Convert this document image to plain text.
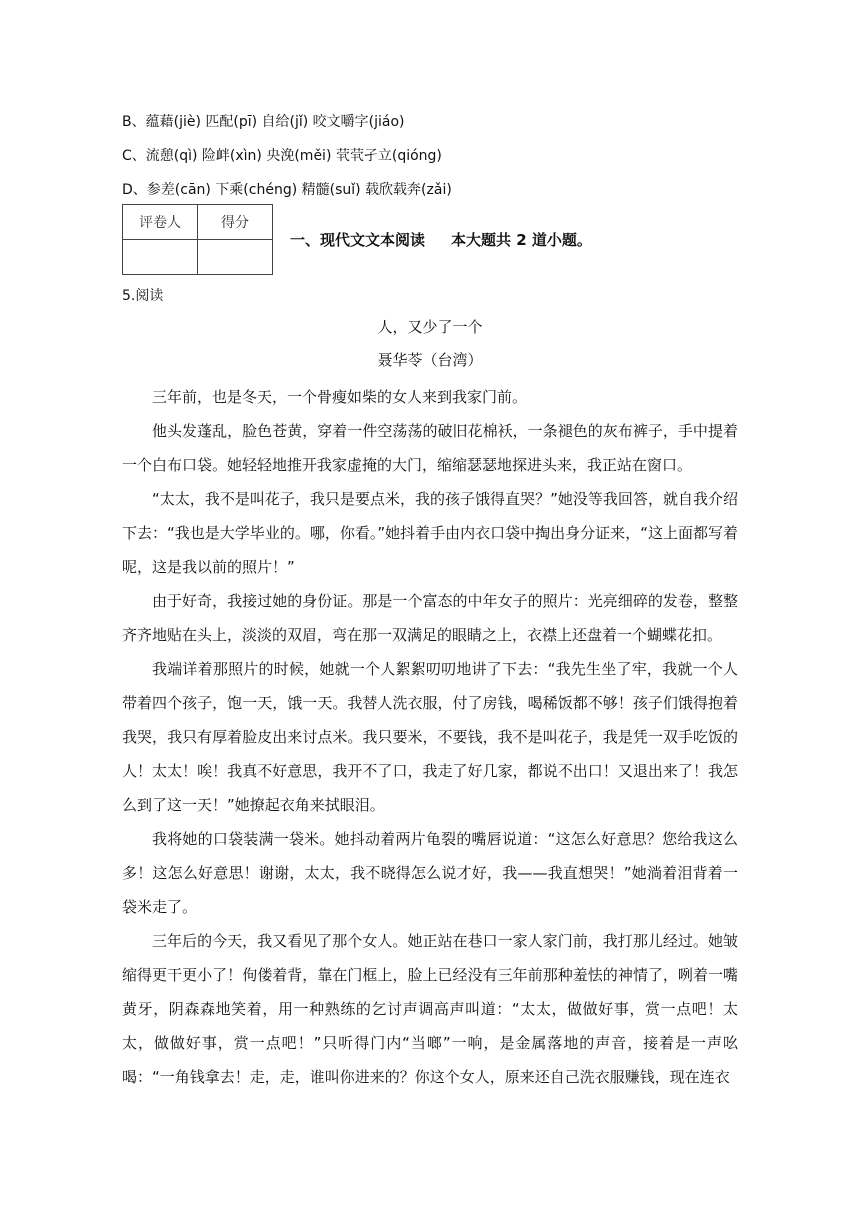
B、蕴藉(jiè) 匹配(pī) 自给(jǐ) 咬文嚼字(jiáo)
C、流憩(qì) 险衅(xìn) 央浼(měi) 茕茕孑立(qióng)
D、参差(cān) 下乘(chéng) 精髓(suǐ) 载欣载奔(zǎi)
评卷人	得分

一、现代文文本阅读 本大题共 2 道小题。
5.阅读
人，又少了一个
聂华苓（台湾）

三年前，也是冬天，一个骨瘦如柴的女人来到我家门前。

他头发蓬乱，脸色苍黄，穿着一件空荡荡的破旧花棉袄，一条褪色的灰布裤子，手中提着一个白布口袋。她轻轻地推开我家虚掩的大门，缩缩瑟瑟地探进头来，我正站在窗口。

“太太，我不是叫花子，我只是要点米，我的孩子饿得直哭？”她没等我回答，就自我介绍下去：“我也是大学毕业的。哪，你看。”她抖着手由内衣口袋中掏出身分证来，“这上面都写着呢，这是我以前的照片！”

由于好奇，我接过她的身份证。那是一个富态的中年女子的照片：光亮细碎的发卷，整整齐齐地贴在头上，淡淡的双眉，弯在那一双满足的眼睛之上，衣襟上还盘着一个蝴蝶花扣。

我端详着那照片的时候，她就一个人絮絮叨叨地讲了下去：“我先生坐了牢，我就一个人带着四个孩子，饱一天，饿一天。我替人洗衣服，付了房钱，喝稀饭都不够！孩子们饿得抱着我哭，我只有厚着脸皮出来讨点米。我只要米，不要钱，我不是叫花子，我是凭一双手吃饭的人！太太！唉！我真不好意思，我开不了口，我走了好几家，都说不出口！又退出来了！我怎么到了这一天！”她撩起衣角来拭眼泪。

我将她的口袋装满一袋米。她抖动着两片龟裂的嘴唇说道：“这怎么好意思？您给我这么多！这怎么好意思！谢谢，太太，我不晓得怎么说才好，我——我直想哭！”她淌着泪背着一袋米走了。

三年后的今天，我又看见了那个女人。她正站在巷口一家人家门前，我打那儿经过。她皱缩得更干更小了！佝偻着背，靠在门框上，脸上已经没有三年前那种羞怯的神情了，咧着一嘴黄牙，阴森森地笑着，用一种熟练的乞讨声调高声叫道：“太太，做做好事，赏一点吧！太太，做做好事，赏一点吧！”只听得门内“当啷”一响，是金属落地的声音，接着是一声吆喝：“一角钱拿去！走，走，谁叫你进来的？你这个女人，原来还自己洗衣服赚钱，现在连衣
